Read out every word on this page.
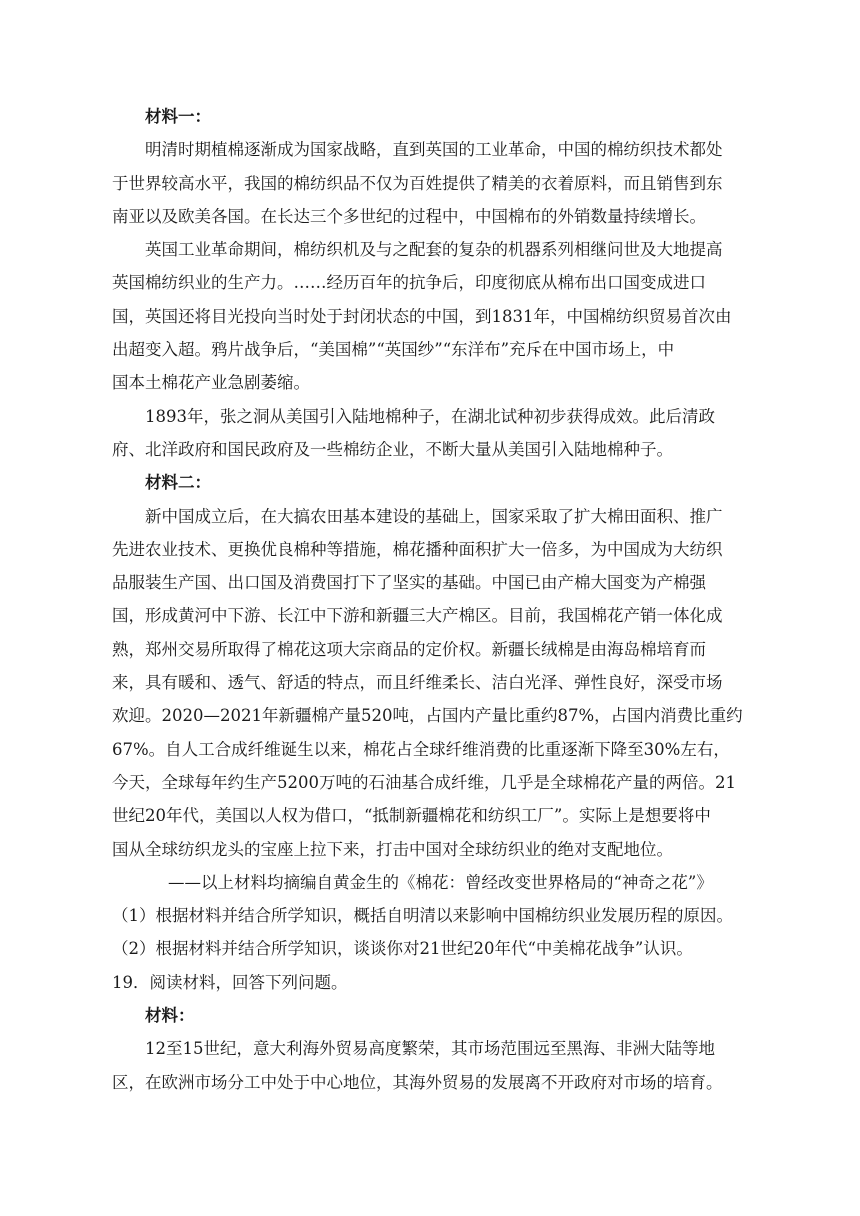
材料一：
明清时期植棉逐渐成为国家战略，直到英国的工业革命，中国的棉纺织技术都处
于世界较高水平，我国的棉纺织品不仅为百姓提供了精美的衣着原料，而且销售到东
南亚以及欧美各国。在长达三个多世纪的过程中，中国棉布的外销数量持续增长。
英国工业革命期间，棉纺织机及与之配套的复杂的机器系列相继问世及大地提高
英国棉纺织业的生产力。……经历百年的抗争后，印度彻底从棉布出口国变成进口
国，英国还将目光投向当时处于封闭状态的中国，到1831年，中国棉纺织贸易首次由
出超变入超。鸦片战争后，“美国棉”“英国纱”“东洋布”充斥在中国市场上，中
国本土棉花产业急剧萎缩。
1893年，张之洞从美国引入陆地棉种子，在湖北试种初步获得成效。此后清政
府、北洋政府和国民政府及一些棉纺企业，不断大量从美国引入陆地棉种子。
材料二：
新中国成立后，在大搞农田基本建设的基础上，国家采取了扩大棉田面积、推广
先进农业技术、更换优良棉种等措施，棉花播种面积扩大一倍多，为中国成为大纺织
品服装生产国、出口国及消费国打下了坚实的基础。中国已由产棉大国变为产棉强
国，形成黄河中下游、长江中下游和新疆三大产棉区。目前，我国棉花产销一体化成
熟，郑州交易所取得了棉花这项大宗商品的定价权。新疆长绒棉是由海岛棉培育而
来，具有暖和、透气、舒适的特点，而且纤维柔长、洁白光泽、弹性良好，深受市场
欢迎。2020—2021年新疆棉产量520吨，占国内产量比重约87%，占国内消费比重约
67%。自人工合成纤维诞生以来，棉花占全球纤维消费的比重逐渐下降至30%左右，
今天，全球每年约生产5200万吨的石油基合成纤维，几乎是全球棉花产量的两倍。21
世纪20年代，美国以人权为借口，“抵制新疆棉花和纺织工厂”。实际上是想要将中
国从全球纺织龙头的宝座上拉下来，打击中国对全球纺织业的绝对支配地位。
——以上材料均摘编自黄金生的《棉花：曾经改变世界格局的“神奇之花”》
（1）根据材料并结合所学知识，概括自明清以来影响中国棉纺织业发展历程的原因。
（2）根据材料并结合所学知识，谈谈你对21世纪20年代“中美棉花战争”认识。
19．阅读材料，回答下列问题。
材料：
12至15世纪，意大利海外贸易高度繁荣，其市场范围远至黑海、非洲大陆等地
区，在欧洲市场分工中处于中心地位，其海外贸易的发展离不开政府对市场的培育。
